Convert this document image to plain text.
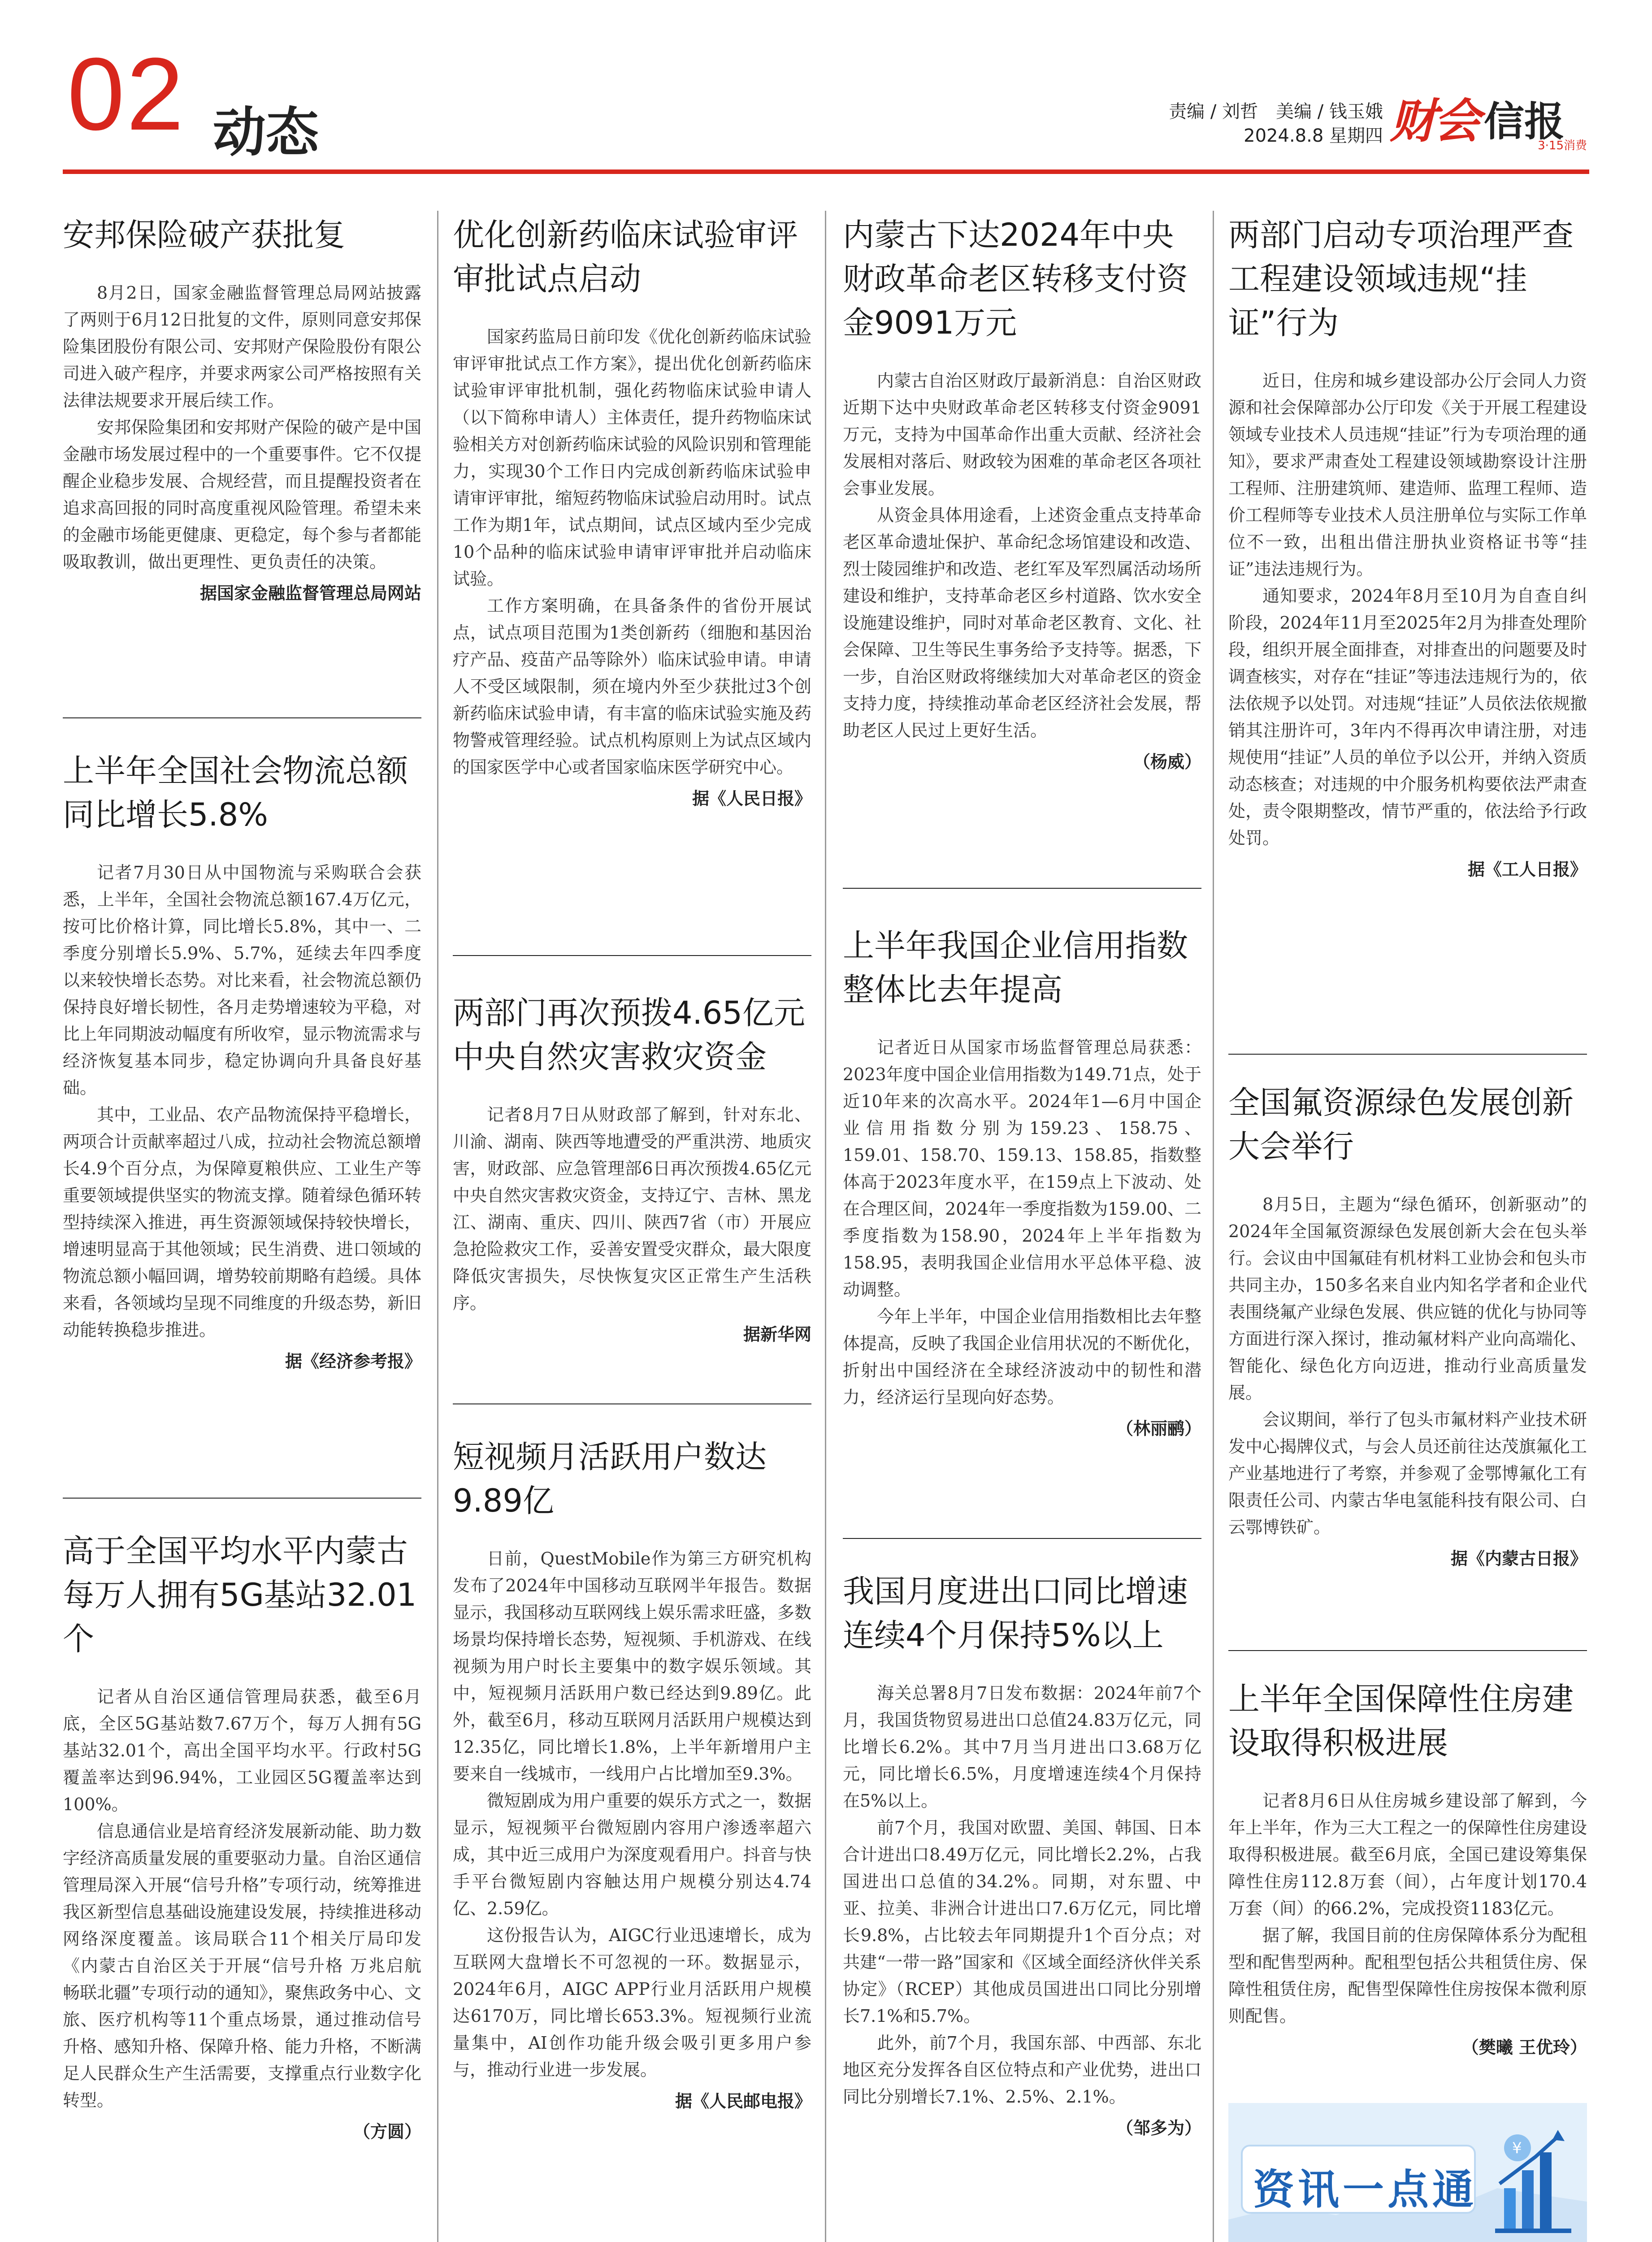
02 动态	责编 / 刘哲　美编 / 钱玉娥
2024.8.8 星期四 财会 信报
3·15消费
安邦保险破产获批复

8月2日，国家金融监督管理总局网站披露了两则于6月12日批复的文件，原则同意安邦保险集团股份有限公司、安邦财产保险股份有限公司进入破产程序，并要求两家公司严格按照有关法律法规要求开展后续工作。

安邦保险集团和安邦财产保险的破产是中国金融市场发展过程中的一个重要事件。它不仅提醒企业稳步发展、合规经营，而且提醒投资者在追求高回报的同时高度重视风险管理。希望未来的金融市场能更健康、更稳定，每个参与者都能吸取教训，做出更理性、更负责任的决策。

据国家金融监督管理总局网站
上半年全国社会物流总额同比增长5.8%

记者7月30日从中国物流与采购联合会获悉，上半年，全国社会物流总额167.4万亿元，按可比价格计算，同比增长5.8%，其中一、二季度分别增长5.9%、5.7%，延续去年四季度以来较快增长态势。对比来看，社会物流总额仍保持良好增长韧性，各月走势增速较为平稳，对比上年同期波动幅度有所收窄，显示物流需求与经济恢复基本同步，稳定协调向升具备良好基础。

其中，工业品、农产品物流保持平稳增长，两项合计贡献率超过八成，拉动社会物流总额增长4.9个百分点，为保障夏粮供应、工业生产等重要领域提供坚实的物流支撑。随着绿色循环转型持续深入推进，再生资源领域保持较快增长，增速明显高于其他领域；民生消费、进口领域的物流总额小幅回调，增势较前期略有趋缓。具体来看，各领域均呈现不同维度的升级态势，新旧动能转换稳步推进。

据《经济参考报》
高于全国平均水平内蒙古每万人拥有5G基站32.01个

记者从自治区通信管理局获悉，截至6月底，全区5G基站数7.67万个，每万人拥有5G基站32.01个，高出全国平均水平。行政村5G覆盖率达到96.94%，工业园区5G覆盖率达到100%。

信息通信业是培育经济发展新动能、助力数字经济高质量发展的重要驱动力量。自治区通信管理局深入开展“信号升格”专项行动，统筹推进我区新型信息基础设施建设发展，持续推进移动网络深度覆盖。该局联合11个相关厅局印发《内蒙古自治区关于开展“信号升格 万兆启航 畅联北疆”专项行动的通知》，聚焦政务中心、文旅、医疗机构等11个重点场景，通过推动信号升格、感知升格、保障升格、能力升格，不断满足人民群众生产生活需要，支撑重点行业数字化转型。

（方圆）
优化创新药临床试验审评审批试点启动

国家药监局日前印发《优化创新药临床试验审评审批试点工作方案》，提出优化创新药临床试验审评审批机制，强化药物临床试验申请人（以下简称申请人）主体责任，提升药物临床试验相关方对创新药临床试验的风险识别和管理能力，实现30个工作日内完成创新药临床试验申请审评审批，缩短药物临床试验启动用时。试点工作为期1年，试点期间，试点区域内至少完成10个品种的临床试验申请审评审批并启动临床试验。

工作方案明确，在具备条件的省份开展试点，试点项目范围为1类创新药（细胞和基因治疗产品、疫苗产品等除外）临床试验申请。申请人不受区域限制，须在境内外至少获批过3个创新药临床试验申请，有丰富的临床试验实施及药物警戒管理经验。试点机构原则上为试点区域内的国家医学中心或者国家临床医学研究中心。

据《人民日报》
两部门再次预拨4.65亿元中央自然灾害救灾资金

记者8月7日从财政部了解到，针对东北、川渝、湖南、陕西等地遭受的严重洪涝、地质灾害，财政部、应急管理部6日再次预拨4.65亿元中央自然灾害救灾资金，支持辽宁、吉林、黑龙江、湖南、重庆、四川、陕西7省（市）开展应急抢险救灾工作，妥善安置受灾群众，最大限度降低灾害损失，尽快恢复灾区正常生产生活秩序。

据新华网
短视频月活跃用户数达9.89亿

日前，QuestMobile作为第三方研究机构发布了2024年中国移动互联网半年报告。数据显示，我国移动互联网线上娱乐需求旺盛，多数场景均保持增长态势，短视频、手机游戏、在线视频为用户时长主要集中的数字娱乐领域。其中，短视频月活跃用户数已经达到9.89亿。此外，截至6月，移动互联网月活跃用户规模达到12.35亿，同比增长1.8%，上半年新增用户主要来自一线城市，一线用户占比增加至9.3%。

微短剧成为用户重要的娱乐方式之一，数据显示，短视频平台微短剧内容用户渗透率超六成，其中近三成用户为深度观看用户。抖音与快手平台微短剧内容触达用户规模分别达4.74亿、2.59亿。

这份报告认为，AIGC行业迅速增长，成为互联网大盘增长不可忽视的一环。数据显示，2024年6月，AIGC APP行业月活跃用户规模达6170万，同比增长653.3%。短视频行业流量集中，AI创作功能升级会吸引更多用户参与，推动行业进一步发展。

据《人民邮电报》
内蒙古下达2024年中央财政革命老区转移支付资金9091万元

内蒙古自治区财政厅最新消息：自治区财政近期下达中央财政革命老区转移支付资金9091万元，支持为中国革命作出重大贡献、经济社会发展相对落后、财政较为困难的革命老区各项社会事业发展。

从资金具体用途看，上述资金重点支持革命老区革命遗址保护、革命纪念场馆建设和改造、烈士陵园维护和改造、老红军及军烈属活动场所建设和维护，支持革命老区乡村道路、饮水安全设施建设维护，同时对革命老区教育、文化、社会保障、卫生等民生事务给予支持等。据悉，下一步，自治区财政将继续加大对革命老区的资金支持力度，持续推动革命老区经济社会发展，帮助老区人民过上更好生活。

（杨威）
上半年我国企业信用指数整体比去年提高

记者近日从国家市场监督管理总局获悉：2023年度中国企业信用指数为149.71点，处于近10年来的次高水平。2024年1—6月中国企业信用指数分别为159.23、158.75、159.01、158.70、159.13、158.85，指数整体高于2023年度水平，在159点上下波动、处在合理区间，2024年一季度指数为159.00、二季度指数为158.90，2024年上半年指数为158.95，表明我国企业信用水平总体平稳、波动调整。

今年上半年，中国企业信用指数相比去年整体提高，反映了我国企业信用状况的不断优化，折射出中国经济在全球经济波动中的韧性和潜力，经济运行呈现向好态势。

（林丽鹂）
我国月度进出口同比增速连续4个月保持5%以上

海关总署8月7日发布数据：2024年前7个月，我国货物贸易进出口总值24.83万亿元，同比增长6.2%。其中7月当月进出口3.68万亿元，同比增长6.5%，月度增速连续4个月保持在5%以上。

前7个月，我国对欧盟、美国、韩国、日本合计进出口8.49万亿元，同比增长2.2%，占我国进出口总值的34.2%。同期，对东盟、中亚、拉美、非洲合计进出口7.6万亿元，同比增长9.8%，占比较去年同期提升1个百分点；对共建“一带一路”国家和《区域全面经济伙伴关系协定》（RCEP）其他成员国进出口同比分别增长7.1%和5.7%。

此外，前7个月，我国东部、中西部、东北地区充分发挥各自区位特点和产业优势，进出口同比分别增长7.1%、2.5%、2.1%。

（邹多为）
两部门启动专项治理严查工程建设领域违规“挂证”行为

近日，住房和城乡建设部办公厅会同人力资源和社会保障部办公厅印发《关于开展工程建设领域专业技术人员违规“挂证”行为专项治理的通知》，要求严肃查处工程建设领域勘察设计注册工程师、注册建筑师、建造师、监理工程师、造价工程师等专业技术人员注册单位与实际工作单位不一致，出租出借注册执业资格证书等“挂证”违法违规行为。

通知要求，2024年8月至10月为自查自纠阶段，2024年11月至2025年2月为排查处理阶段，组织开展全面排查，对排查出的问题要及时调查核实，对存在“挂证”等违法违规行为的，依法依规予以处罚。对违规“挂证”人员依法依规撤销其注册许可，3年内不得再次申请注册，对违规使用“挂证”人员的单位予以公开，并纳入资质动态核查；对违规的中介服务机构要依法严肃查处，责令限期整改，情节严重的，依法给予行政处罚。

据《工人日报》
全国氟资源绿色发展创新大会举行

8月5日，主题为“绿色循环，创新驱动”的2024年全国氟资源绿色发展创新大会在包头举行。会议由中国氟硅有机材料工业协会和包头市共同主办，150多名来自业内知名学者和企业代表围绕氟产业绿色发展、供应链的优化与协同等方面进行深入探讨，推动氟材料产业向高端化、智能化、绿色化方向迈进，推动行业高质量发展。

会议期间，举行了包头市氟材料产业技术研发中心揭牌仪式，与会人员还前往达茂旗氟化工产业基地进行了考察，并参观了金鄂博氟化工有限责任公司、内蒙古华电氢能科技有限公司、白云鄂博铁矿。

据《内蒙古日报》
上半年全国保障性住房建设取得积极进展

记者8月6日从住房城乡建设部了解到，今年上半年，作为三大工程之一的保障性住房建设取得积极进展。截至6月底，全国已建设筹集保障性住房112.8万套（间），占年度计划170.4万套（间）的66.2%，完成投资1183亿元。

据了解，我国目前的住房保障体系分为配租型和配售型两种。配租型包括公共租赁住房、保障性租赁住房，配售型保障性住房按保本微利原则配售。

（樊曦 王优玲）
资讯一点通
¥
